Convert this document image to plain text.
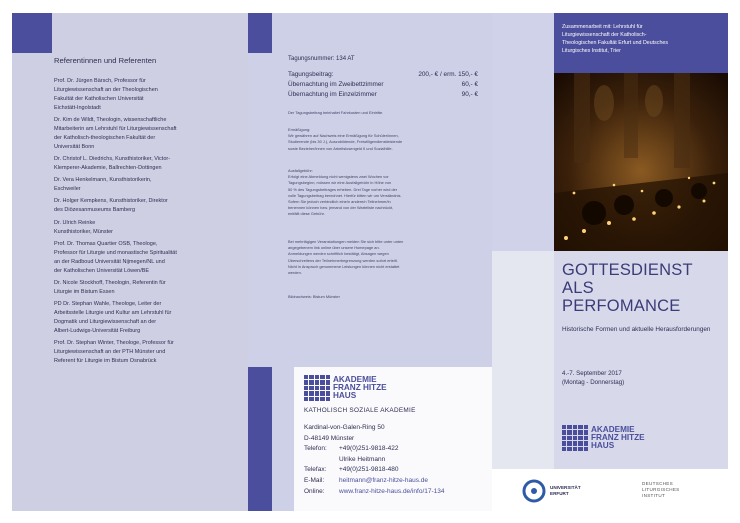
Referentinnen und Referenten
Prof. Dr. Jürgen Bärsch, Professor für
Liturgiewissenschaft an der Theologischen
Fakultät der Katholischen Universität
Eichstätt-Ingolstadt
Dr. Kim de Wildt, Theologin, wissenschaftliche
Mitarbeiterin am Lehrstuhl für Liturgiewissenschaft
der Katholisch-theologischen Fakultät der
Universität Bonn
Dr. Christof L. Diedrichs, Kunsthistoriker, Victor-
Klemperer-Akademie, Ballrechten-Dottingen
Dr. Vera Henkelmann, Kunsthistorikerin,
Eschweiler
Dr. Holger Kempkens, Kunsthistoriker, Direktor
des Diözesanmuseums Bamberg
Dr. Ulrich Reinke
Kunsthistoriker, Münster
Prof. Dr. Thomas Quartier OSB, Theologe,
Professor für Liturgie und monastische Spiritualität
an der Radboud Universität Nijmegen/NL und
der Katholischen Universität Löwen/BE
Dr. Nicole Stockhoff, Theologin, Referentin für
Liturgie im Bistum Essen
PD Dr. Stephan Wahle, Theologe, Leiter der
Arbeitsstelle Liturgie und Kultur am Lehrstuhl für
Dogmatik und Liturgiewissenschaft an der
Albert-Ludwigs-Universität Freiburg
Prof. Dr. Stephan Winter, Theologe, Professor für
Liturgiewissenschaft an der PTH Münster und
Referent für Liturgie im Bistum Osnabrück
Tagungsnummer: 134 AT
Tagungsbeitrag:	200,- € / erm. 150,- €
Übernachtung im Zweibettzimmer	60,- €
Übernachtung im Einzelzimmer	90,- €
Der Tagungsbeitrag beinhaltet Fahrkosten und Eintritte.
Ermäßigung:
Wir gewähren auf Nachweis eine Ermäßigung für Schüler/innen,
Studierende (bis 30 J.), Auszubildende, Freiwilligendienstleistende
sowie Bezieher/innen von Arbeitslosengeld II und Sozialhilfe.
Ausfallgebühr:
Erfolgt eine Abmeldung nicht wenigstens zwei Wochen vor
Tagungsbeginn, müssen wir eine Ausfallgebühr in Höhe von
50 % des Tagungsbeitrages erheben. Drei Tage vorher wird der
volle Tagungsbeitrag berechnet. Hierfür bitten wir um Verständnis.
Sofern Sie jedoch verbindlich eine/n andere/n Teilnehmer/in
benennen können bzw. jemand von der Warteliste nachrückt,
entfällt diese Gebühr.
Bei mehrtägigen Veranstaltungen melden Sie sich bitte unter unten
angegebenem link online über unsere Homepage an.
Anmeldungen werden schriftlich bestätigt, Absagen wegen
Überschreitens der Teilnehmerbegrenzung werden sofort erteilt.
Nicht in Anspruch genommene Leistungen können nicht erstattet
werden.
Bildnachweis: Bistum Münster
AKADEMIE
FRANZ HITZE
HAUS
KATHOLISCH SOZIALE AKADEMIE
Kardinal-von-Galen-Ring 50
D-48149 Münster
Telefon: +49(0)251-9818-422
Ulrike Heitmann
Telefax: +49(0)251-9818-480
E-Mail: heitmann@franz-hitze-haus.de
Online: www.franz-hitze-haus.de/info/17-134
Zusammenarbeit mit: Lehrstuhl für
Liturgiewissenschaft der Katholisch-
Theologischen Fakultät Erfurt und Deutsches
Liturgisches Institut, Trier
GOTTESDIENST
ALS
PERFOMANCE
Historische Formen und aktuelle Herausforderungen
4.-7. September 2017
(Montag - Donnerstag)
AKADEMIE
FRANZ HITZE
HAUS
UNIVERSITÄT
ERFURT
DEUTSCHES
LITURGISCHES
INSTITUT
